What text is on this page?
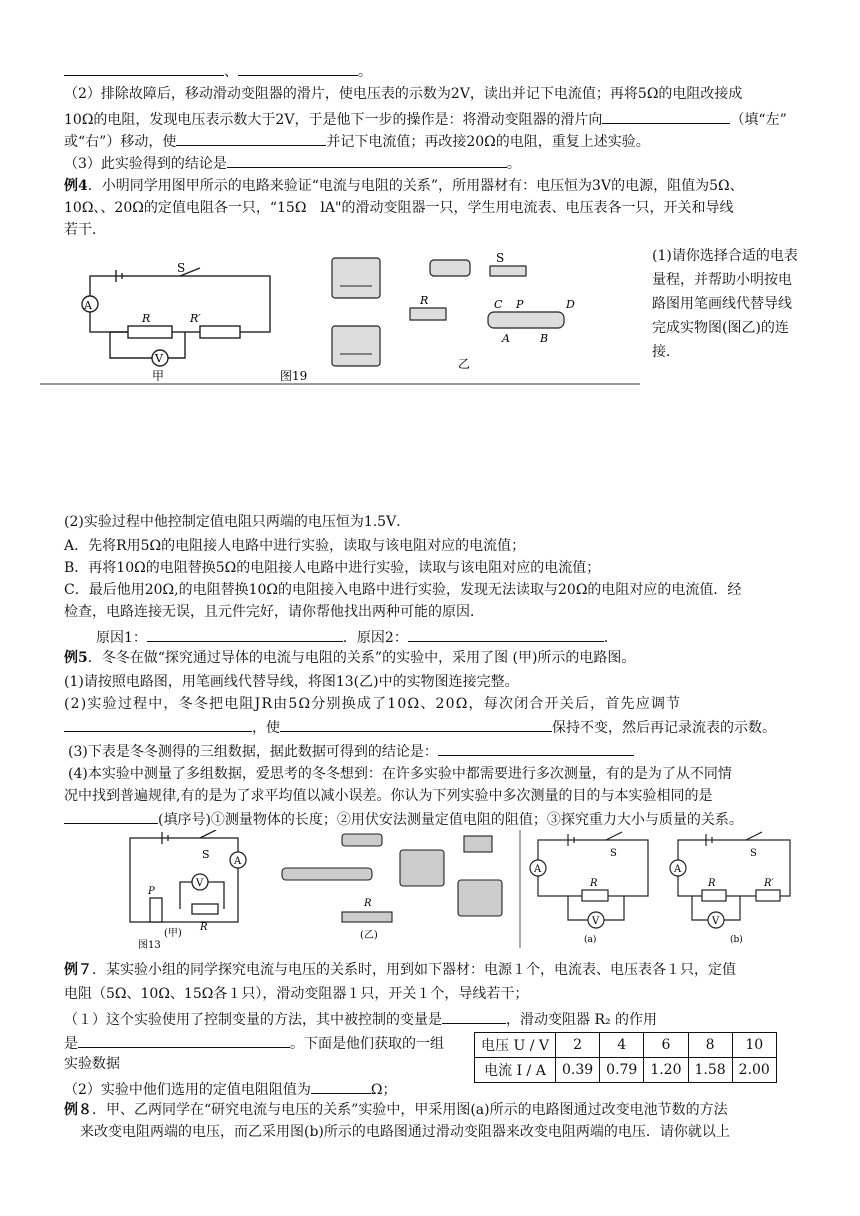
、	。
（2）排除故障后，移动滑动变阻器的滑片，使电压表的示数为2V，读出并记下电流值；再将5Ω的电阻改接成
10Ω的电阻，发现电压表示数大于2V，于是他下一步的操作是：将滑动变阻器的滑片向	（填“左”
或“右”）移动，使	并记下电流值；再改接20Ω的电阻，重复上述实验。
（3）此实验得到的结论是	。
例4．小明同学用图甲所示的电路来验证“电流与电阻的关系”，所用器材有：电压恒为3V的电源，阻值为5Ω、
10Ω、、20Ω的定值电阻各一只，“15Ω　lA"的滑动变阻器一只，学生用电流表、电压表各一只，开关和导线
若干．
S
A
V
R	R′
甲
S
R	C P	D
A	B
乙
图19
(1)请你选择合适的电表量程，并帮助小明按电路图用笔画线代替导线完成实物图(图乙)的连接．
(2)实验过程中他控制定值电阻只两端的电压恒为1.5V．
A．先将R用5Ω的电阻接人电路中进行实验，读取与该电阻对应的电流值；
B．再将10Ω的电阻替换5Ω的电阻接人电路中进行实验，读取与该电阻对应的电流值；
C．最后他用20Ω,的电阻替换10Ω的电阻接入电路中进行实验，发现无法读取与20Ω的电阻对应的电流值．经
检查，电路连接无误，且元件完好，请你帮他找出两种可能的原因．
原因1：	．原因2：	．
例5．冬冬在做“探究通过导体的电流与电阻的关系”的实验中，采用了图 (甲)所示的电路图。
(1)请按照电路图，用笔画线代替导线，将图13(乙)中的实物图连接完整。
(2)实验过程中，冬冬把电阻JR由5Ω分别换成了10Ω、20Ω，每次闭合开关后，首先应调节
，使	保持不变，然后再记录流表的示数。
(3)下表是冬冬测得的三组数据，据此数据可得到的结论是：
(4)本实验中测量了多组数据，爱思考的冬冬想到：在许多实验中都需要进行多次测量，有的是为了从不同情
况中找到普遍规律,有的是为了求平均值以减小误差。你认为下列实验中多次测量的目的与本实验相同的是
(填序号)①测量物体的长度；②用伏安法测量定值电阻的阻值；③探究重力大小与质量的关系。
S
A
V
P
R
(甲)
R
(乙)
图13
S
A
V
R
(a)
S
A
V
R	R′
(b)
例７．某实验小组的同学探究电流与电压的关系时，用到如下器材：电源１个，电流表、电压表各１只，定值
电阻（5Ω、10Ω、15Ω各１只），滑动变阻器１只，开关１个，导线若干；
（１）这个实验使用了控制变量的方法，其中被控制的变量是	，滑动变阻器 R₂ 的作用
是	。下面是他们获取的一组
实验数据
电压 U / V	2	4	6	8	10
电流 I / A	0.39	0.79	1.20	1.58	2.00
（2）实验中他们选用的定值电阻阻值为	Ω；
例８．甲、乙两同学在“研究电流与电压的关系”实验中，甲采用图(a)所示的电路图通过改变电池节数的方法
来改变电阻两端的电压，而乙采用图(b)所示的电路图通过滑动变阻器来改变电阻两端的电压．请你就以上
